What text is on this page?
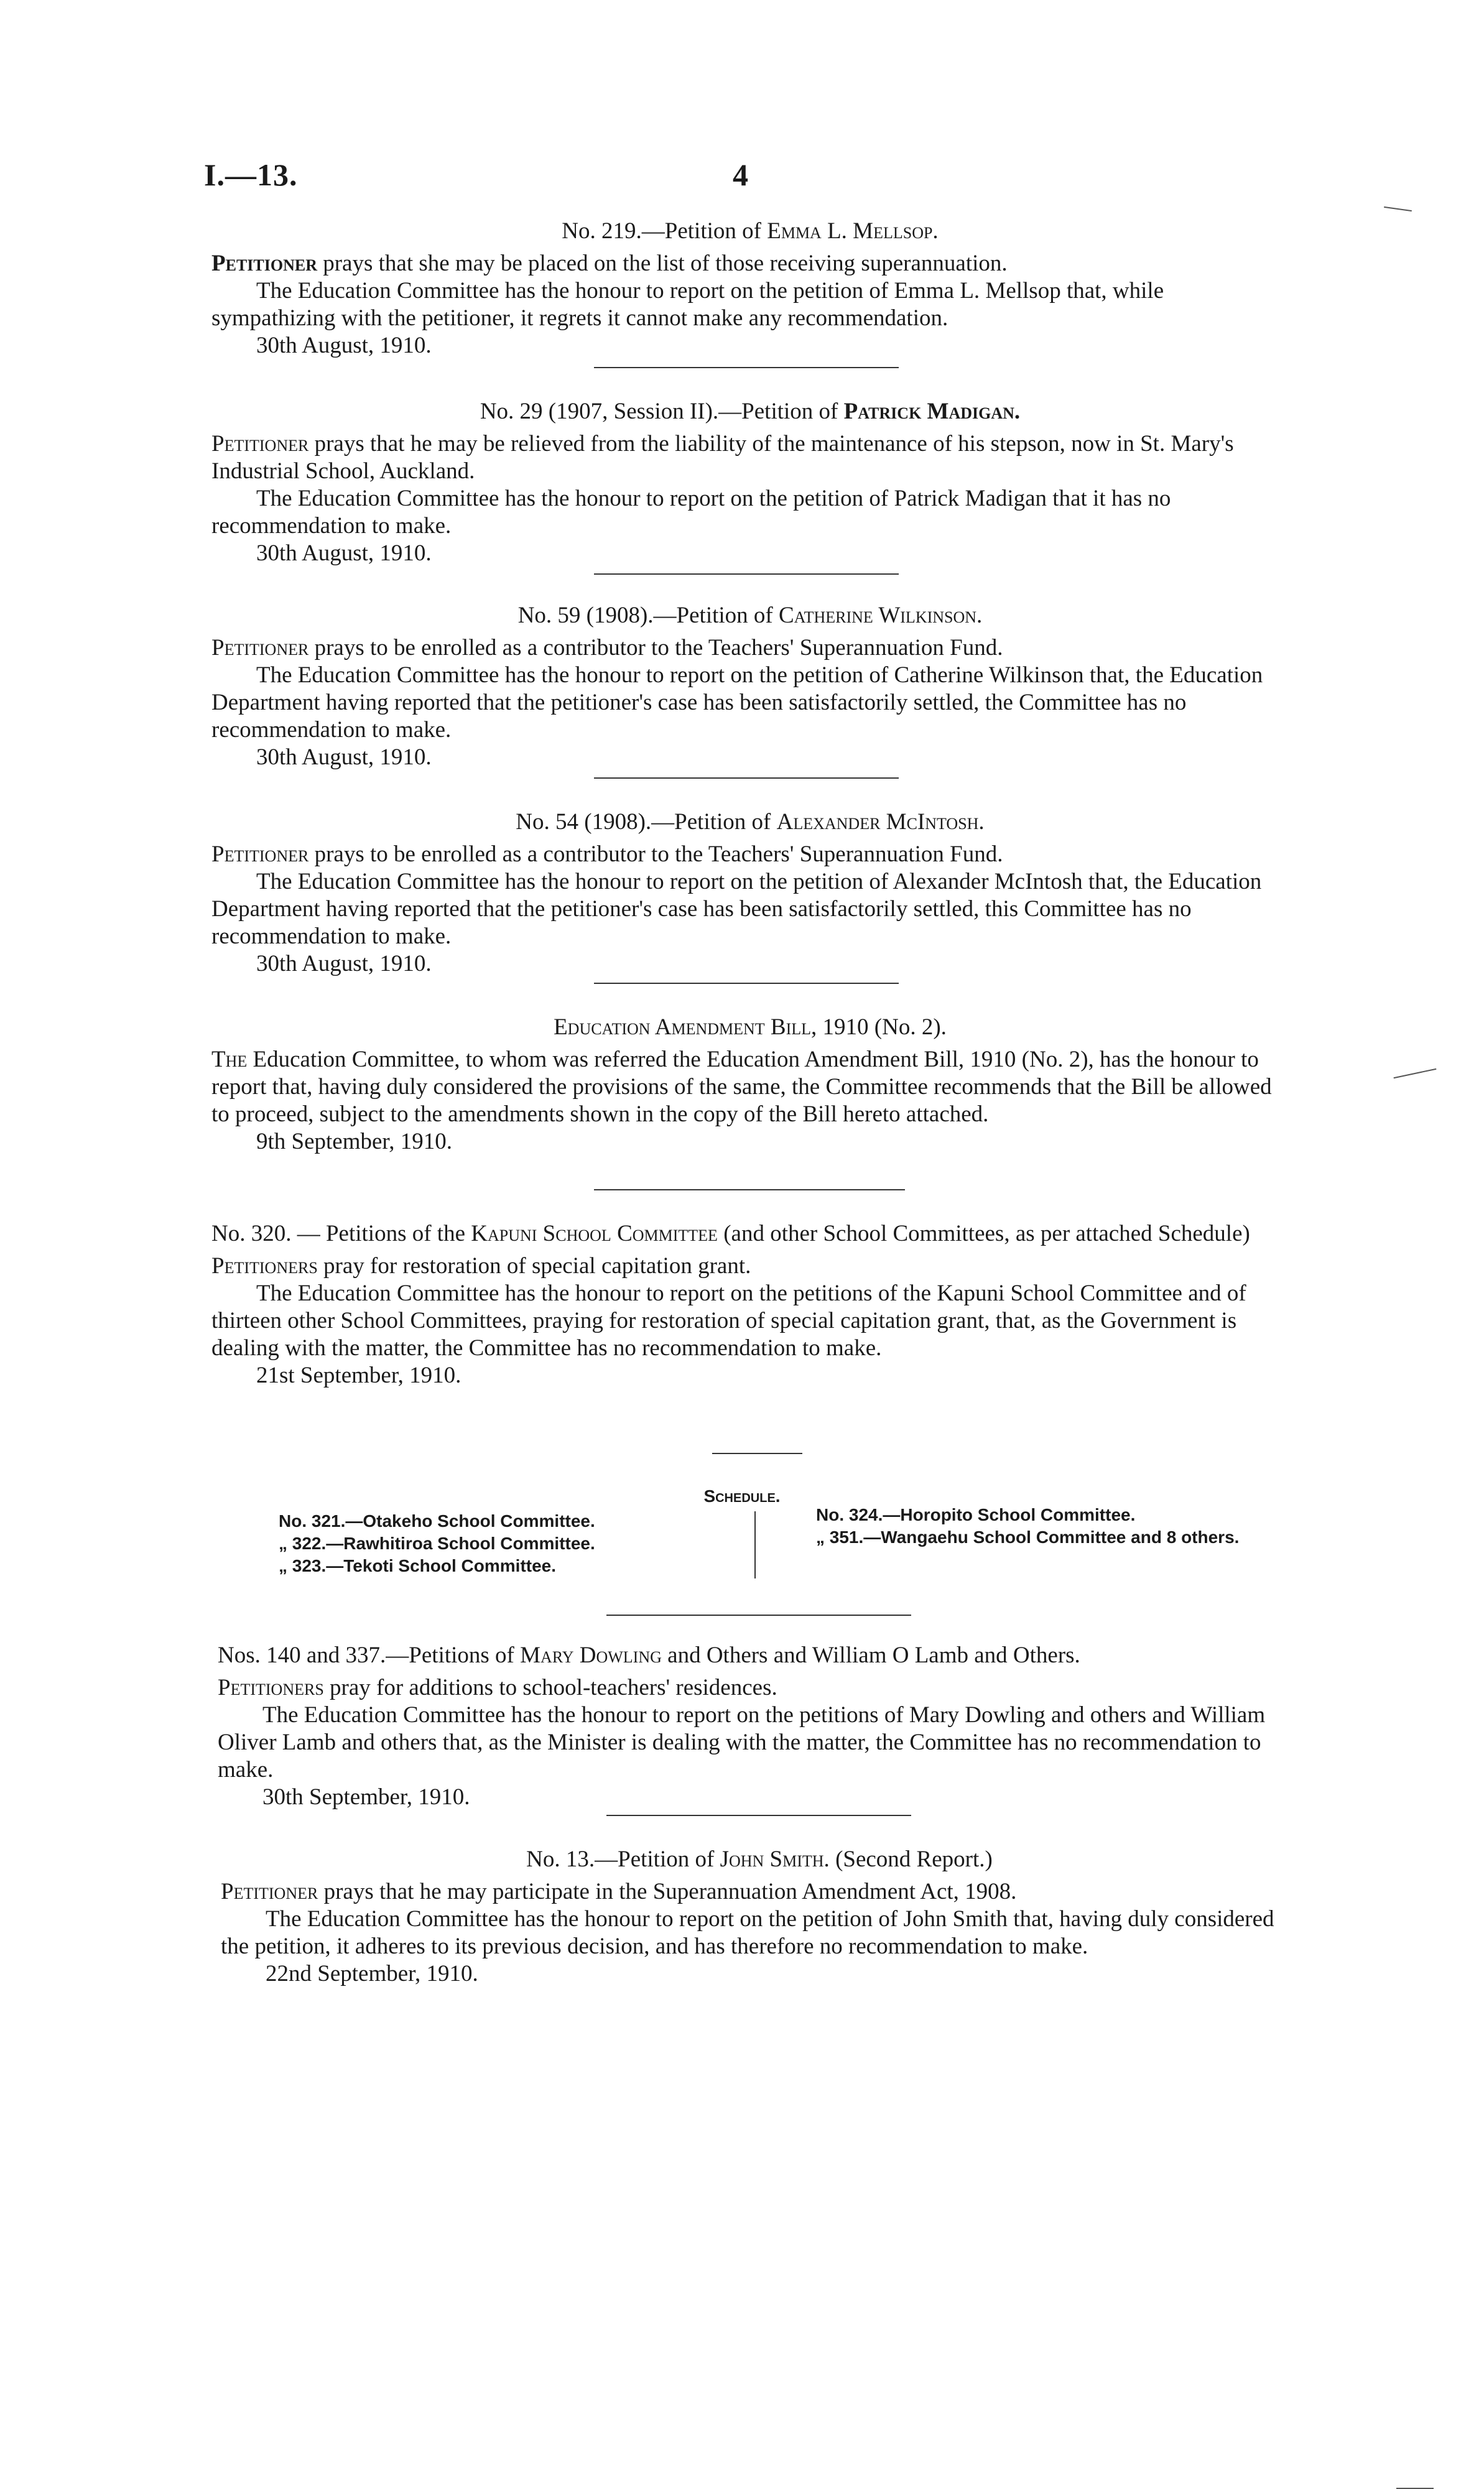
I.—13.	4
No. 219.—Petition of Emma L. Mellsop.

Petitioner prays that she may be placed on the list of those receiving superannuation.

The Education Committee has the honour to report on the petition of Emma L. Mellsop that, while sympathizing with the petitioner, it regrets it cannot make any recommendation.

30th August, 1910.

No. 29 (1907, Session II).—Petition of Patrick Madigan.

Petitioner prays that he may be relieved from the liability of the maintenance of his stepson, now in St. Mary's Industrial School, Auckland.

The Education Committee has the honour to report on the petition of Patrick Madigan that it has no recommendation to make.

30th August, 1910.

No. 59 (1908).—Petition of Catherine Wilkinson.

Petitioner prays to be enrolled as a contributor to the Teachers' Superannuation Fund.

The Education Committee has the honour to report on the petition of Catherine Wilkinson that, the Education Department having reported that the petitioner's case has been satisfactorily settled, the Committee has no recommendation to make.

30th August, 1910.

No. 54 (1908).—Petition of Alexander McIntosh.

Petitioner prays to be enrolled as a contributor to the Teachers' Superannuation Fund.

The Education Committee has the honour to report on the petition of Alexander McIntosh that, the Education Department having reported that the petitioner's case has been satisfactorily settled, this Committee has no recommendation to make.

30th August, 1910.

Education Amendment Bill, 1910 (No. 2).

The Education Committee, to whom was referred the Education Amendment Bill, 1910 (No. 2), has the honour to report that, having duly considered the provisions of the same, the Committee recommends that the Bill be allowed to proceed, subject to the amendments shown in the copy of the Bill hereto attached.

9th September, 1910.

No. 320. — Petitions of the Kapuni School Committee (and other School Committees, as per attached Schedule)

Petitioners pray for restoration of special capitation grant.

The Education Committee has the honour to report on the petitions of the Kapuni School Committee and of thirteen other School Committees, praying for restoration of special capitation grant, that, as the Government is dealing with the matter, the Committee has no recommendation to make.

21st September, 1910.

Schedule.
No. 321.—Otakeho School Committee.
„ 322.—Rawhitiroa School Committee.
„ 323.—Tekoti School Committee.
No. 324.—Horopito School Committee.
„ 351.—Wangaehu School Committee and 8 others.
Nos. 140 and 337.—Petitions of Mary Dowling and Others and William O Lamb and Others.

Petitioners pray for additions to school-teachers' residences.

The Education Committee has the honour to report on the petitions of Mary Dowling and others and William Oliver Lamb and others that, as the Minister is dealing with the matter, the Committee has no recommendation to make.

30th September, 1910.

No. 13.—Petition of John Smith. (Second Report.)

Petitioner prays that he may participate in the Superannuation Amendment Act, 1908.

The Education Committee has the honour to report on the petition of John Smith that, having duly considered the petition, it adheres to its previous decision, and has therefore no recommendation to make.

22nd September, 1910.
